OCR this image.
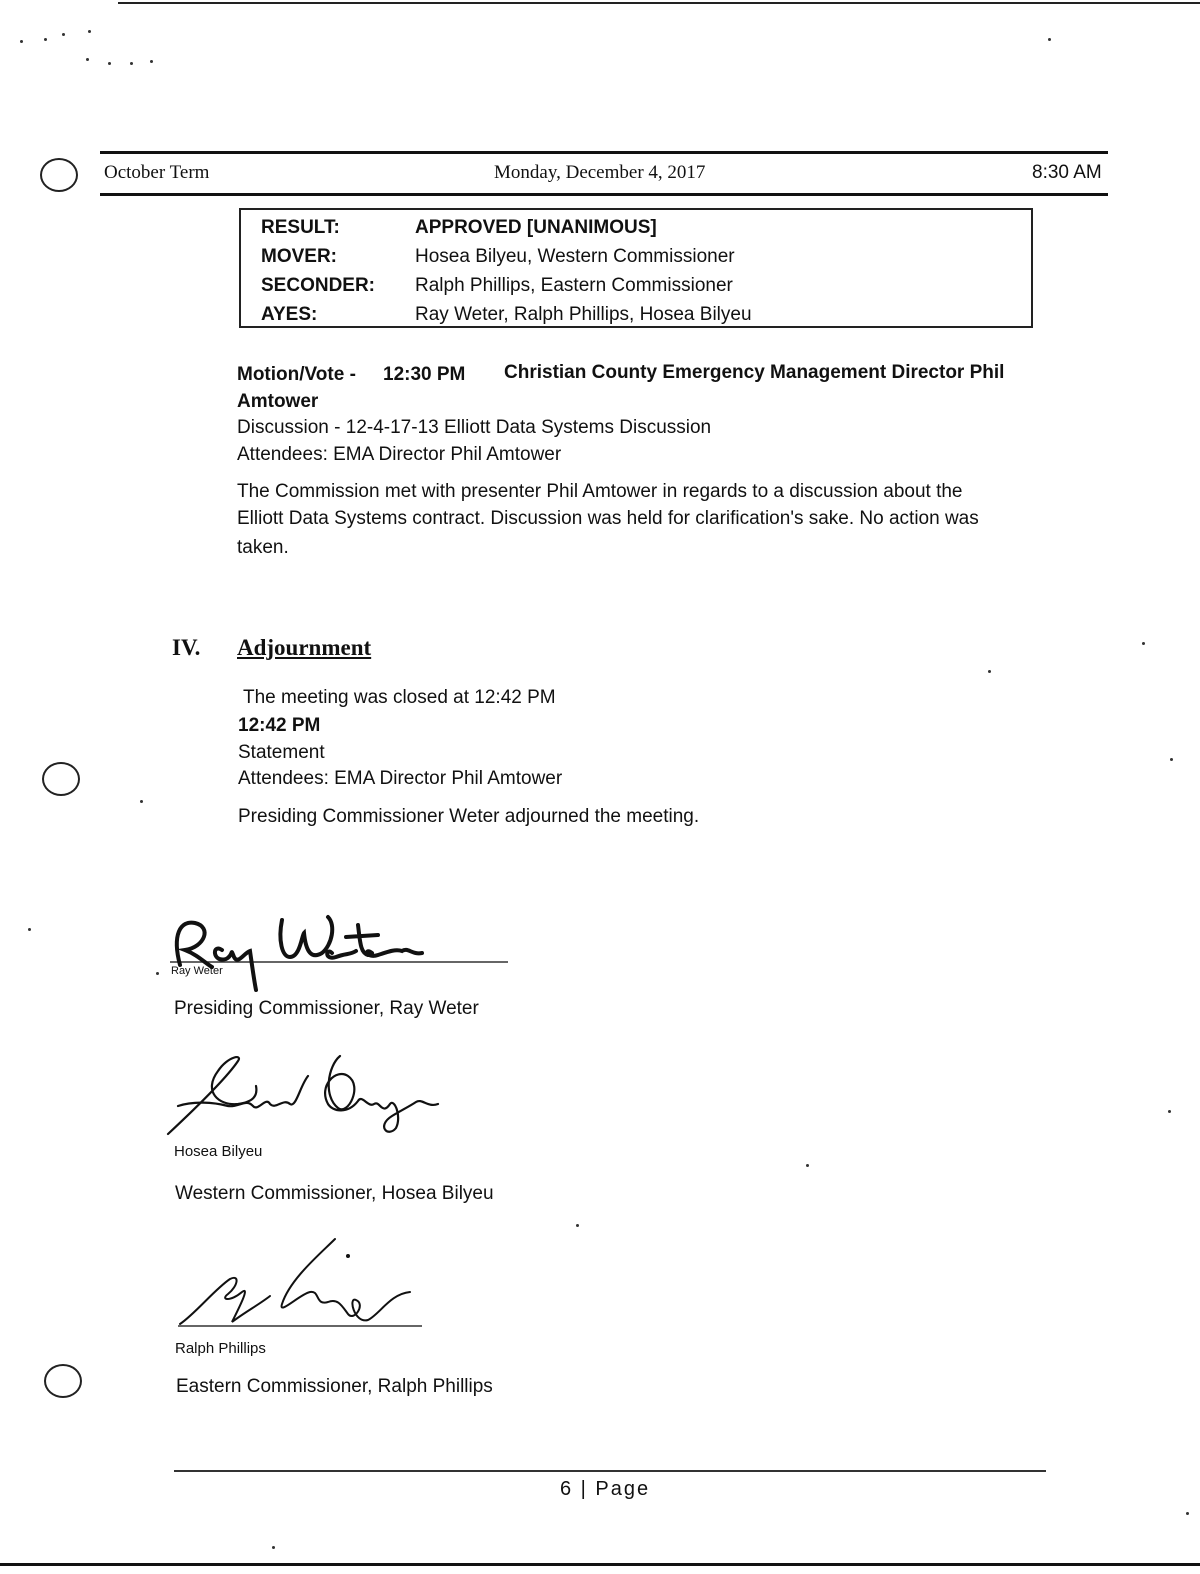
October Term	Monday, December 4, 2017	8:30 AM
RESULT:	APPROVED [UNANIMOUS]
MOVER:	Hosea Bilyeu, Western Commissioner
SECONDER:	Ralph Phillips, Eastern Commissioner
AYES:	Ray Weter, Ralph Phillips, Hosea Bilyeu
Motion/Vote - 12:30 PM Christian County Emergency Management Director Phil
Amtower
Discussion - 12-4-17-13 Elliott Data Systems Discussion
Attendees: EMA Director Phil Amtower
The Commission met with presenter Phil Amtower in regards to a discussion about the
Elliott Data Systems contract. Discussion was held for clarification's sake. No action was
taken.
IV. Adjournment
The meeting was closed at 12:42 PM
12:42 PM
Statement
Attendees: EMA Director Phil Amtower
Presiding Commissioner Weter adjourned the meeting.
Ray Weter
Presiding Commissioner, Ray Weter
Hosea Bilyeu
Western Commissioner, Hosea Bilyeu
Ralph Phillips
Eastern Commissioner, Ralph Phillips
6 | Page
